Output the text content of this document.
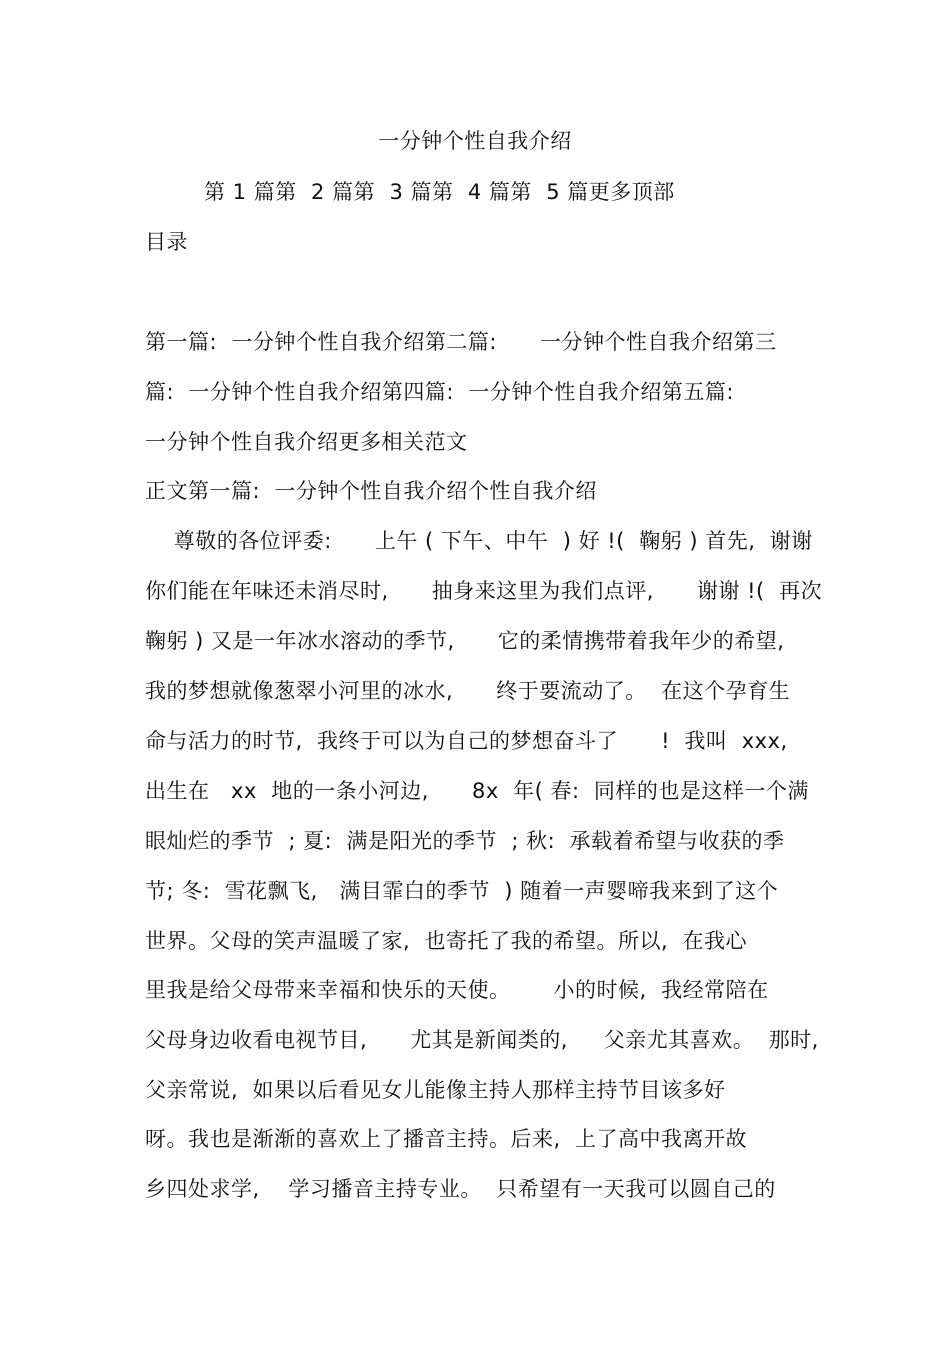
一分钟个性自我介绍
第 1 篇第  2 篇第  3 篇第  4 篇第  5 篇更多顶部
目录
第一篇:  一分钟个性自我介绍第二篇:      一分钟个性自我介绍第三
篇:  一分钟个性自我介绍第四篇:  一分钟个性自我介绍第五篇:
一分钟个性自我介绍更多相关范文
正文第一篇:  一分钟个性自我介绍个性自我介绍
尊敬的各位评委:      上午 ( 下午、中午  ) 好 !(  鞠躬 ) 首先,  谢谢
你们能在年味还未消尽时,      抽身来这里为我们点评,      谢谢 !(  再次
鞠躬 ) 又是一年冰水溶动的季节,      它的柔情携带着我年少的希望,
我的梦想就像葱翠小河里的冰水,      终于要流动了。  在这个孕育生
命与活力的时节,  我终于可以为自己的梦想奋斗了      !  我叫  xxx,
出生在   xx  地的一条小河边,      8x  年( 春:  同样的也是这样一个满
眼灿烂的季节  ; 夏:  满是阳光的季节  ; 秋:  承载着希望与收获的季
节; 冬:  雪花飘飞,   满目霏白的季节  ) 随着一声婴啼我来到了这个
世界。父母的笑声温暖了家,  也寄托了我的希望。所以,  在我心
里我是给父母带来幸福和快乐的天使。      小的时候,  我经常陪在
父母身边收看电视节目,      尤其是新闻类的,     父亲尤其喜欢。  那时,
父亲常说,  如果以后看见女儿能像主持人那样主持节目该多好
呀。我也是渐渐的喜欢上了播音主持。后来,  上了高中我离开故
乡四处求学,    学习播音主持专业。  只希望有一天我可以圆自己的
